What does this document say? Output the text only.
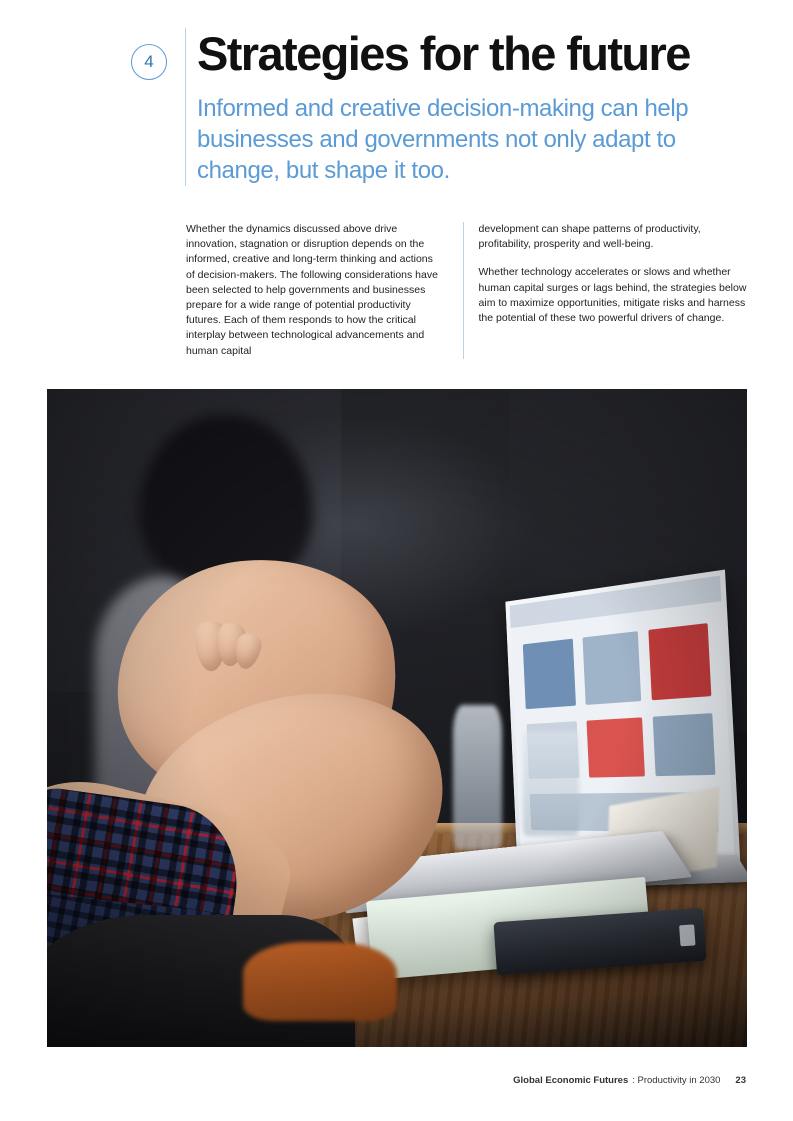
4 Strategies for the future

Informed and creative decision-making can help businesses and governments not only adapt to change, but shape it too.

Whether the dynamics discussed above drive innovation, stagnation or disruption depends on the informed, creative and long-term thinking and actions of decision-makers. The following considerations have been selected to help governments and businesses prepare for a wide range of potential productivity futures. Each of them responds to how the critical interplay between technological advancements and human capital

development can shape patterns of productivity, profitability, prosperity and well-being.

Whether technology accelerates or slows and whether human capital surges or lags behind, the strategies below aim to maximize opportunities, mitigate risks and harness the potential of these two powerful drivers of change.

Global Economic Futures : Productivity in 2030 23
